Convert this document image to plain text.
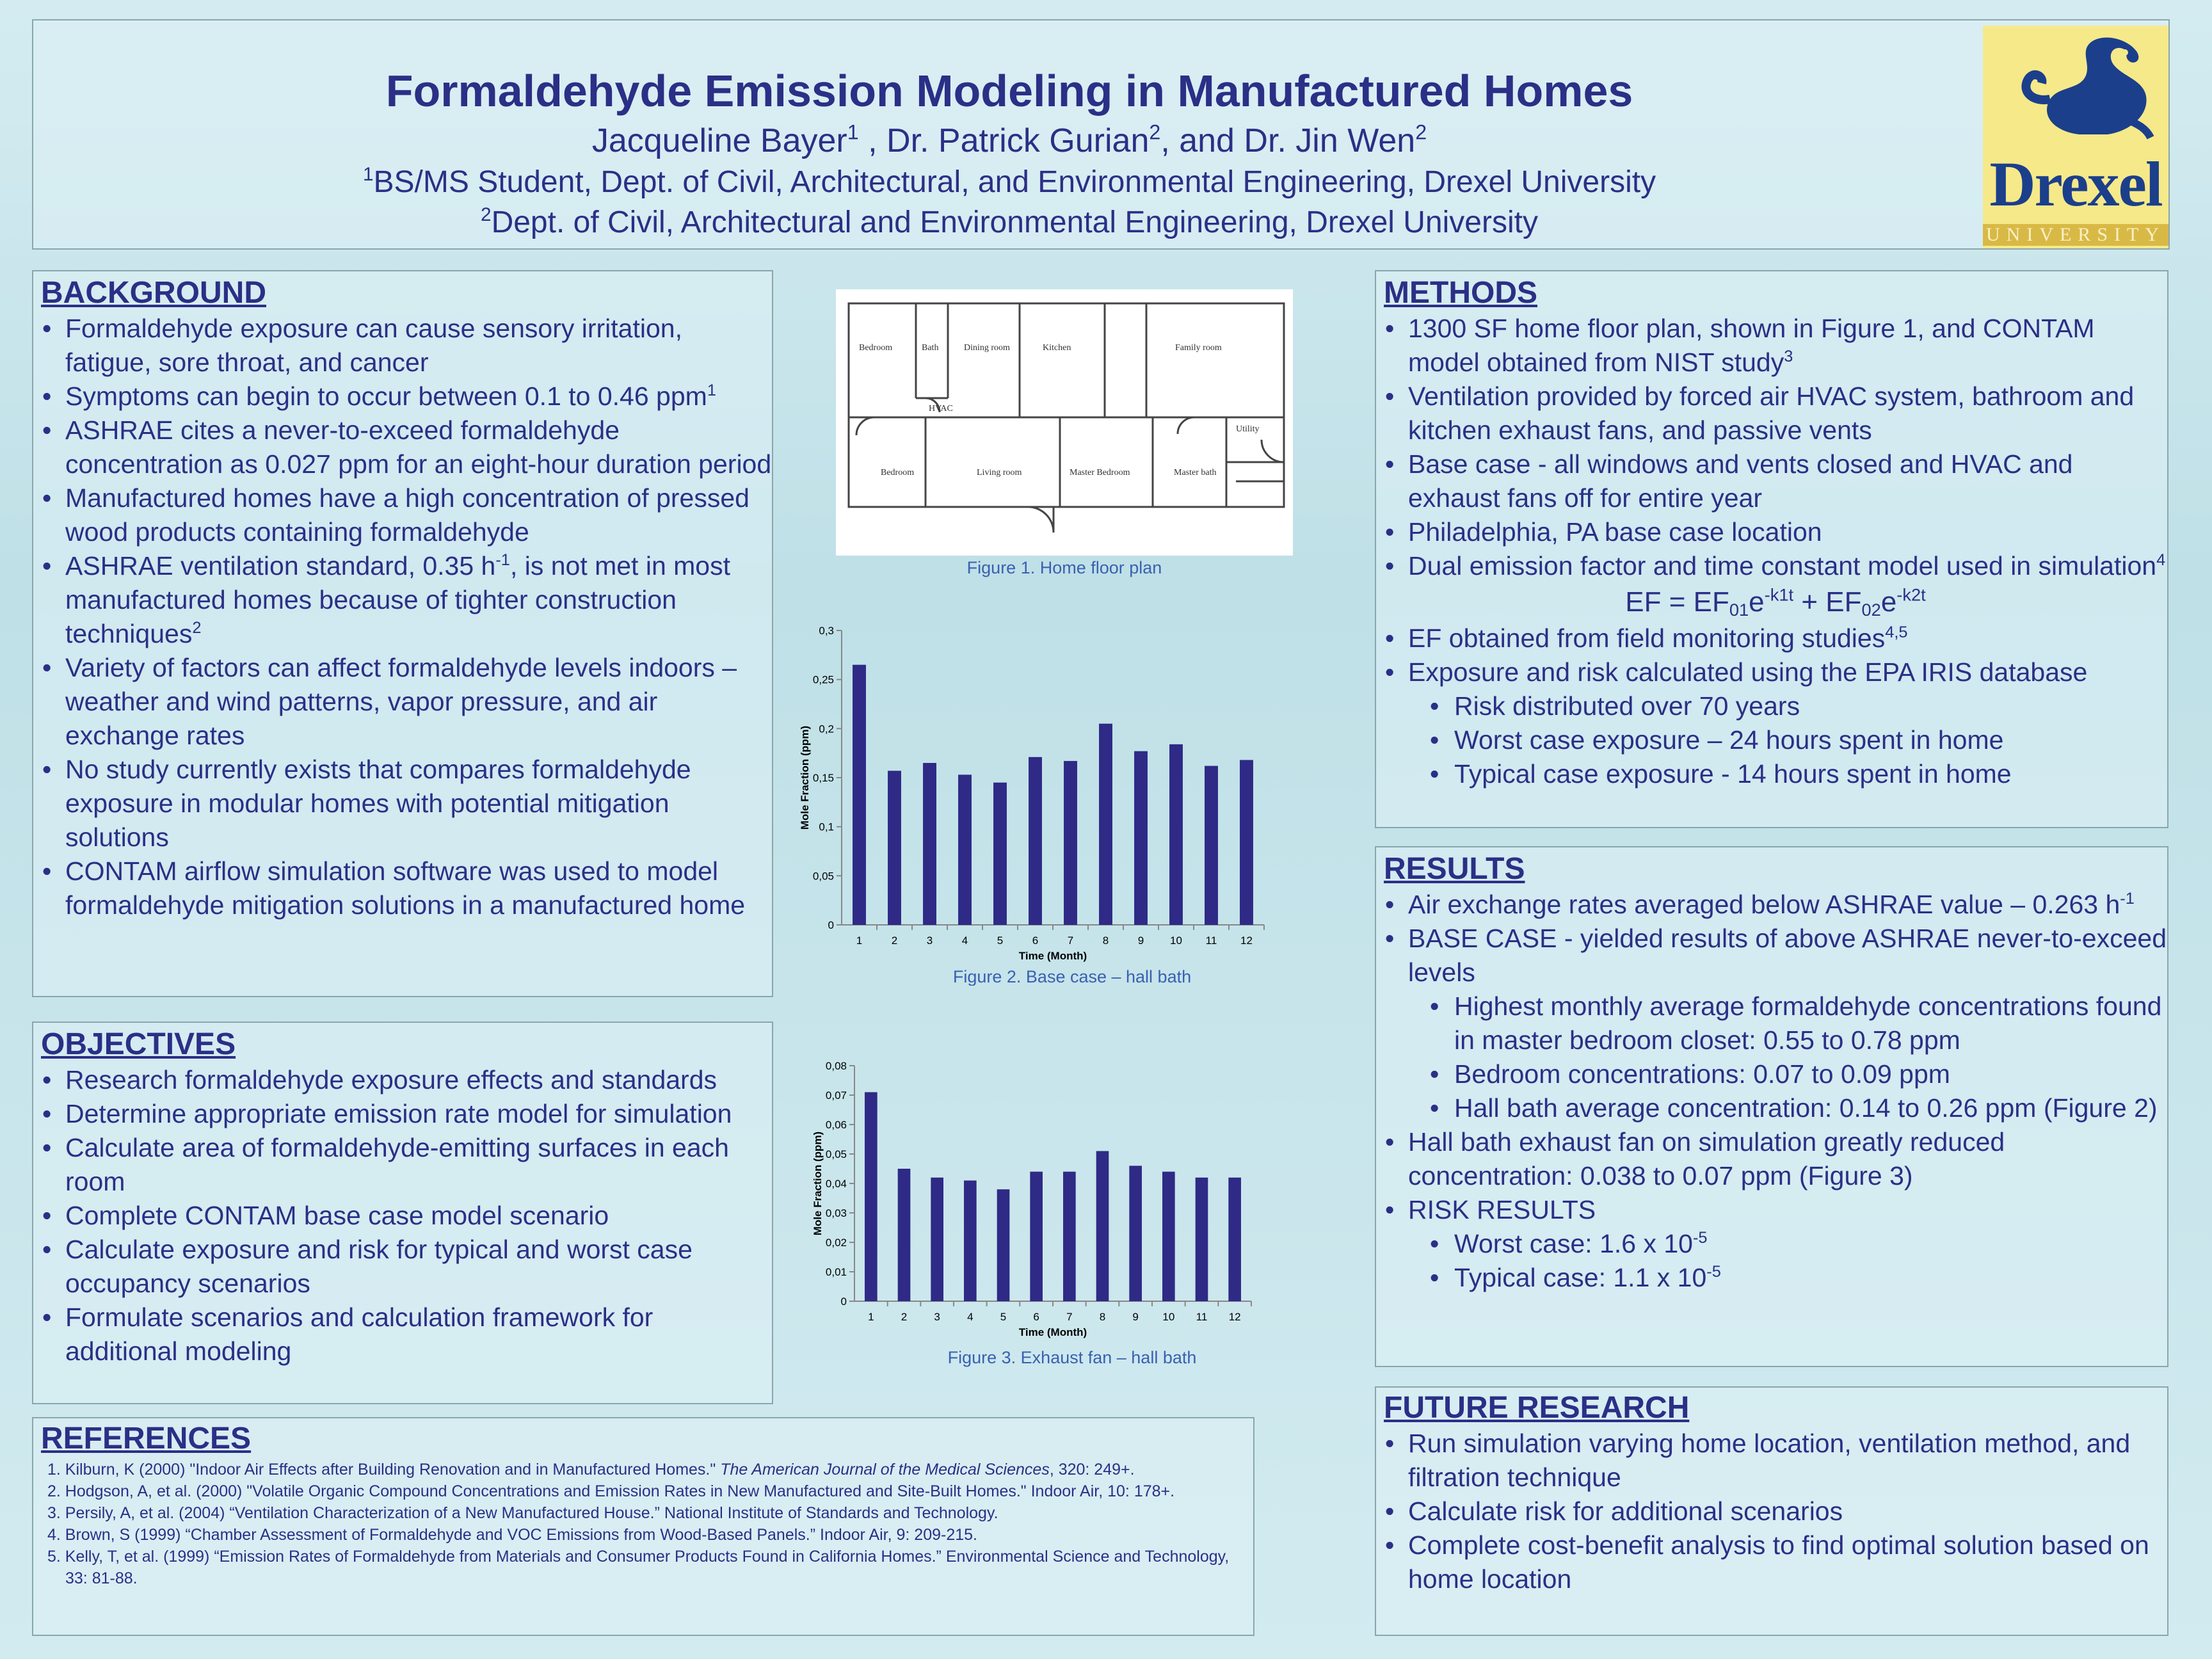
Formaldehyde Emission Modeling in Manufactured Homes
Jacqueline Bayer$^1$ , Dr. Patrick Gurian$^2$, and Dr. Jin Wen$^2$
$^1$BS/MS Student, Dept. of Civil, Architectural, and Environmental Engineering, Drexel University
$^2$Dept. of Civil, Architectural and Environmental Engineering, Drexel University
Drexel
UNIVERSITY
BACKGROUND
• Formaldehyde exposure can cause sensory irritation, fatigue, sore throat, and cancer
• Symptoms can begin to occur between 0.1 to 0.46 ppm$^1$
• ASHRAE cites a never-to-exceed formaldehyde concentration as 0.027 ppm for an eight-hour duration period
• Manufactured homes have a high concentration of pressed wood products containing formaldehyde
• ASHRAE ventilation standard, 0.35 $h^{-1}$, is not met in most manufactured homes because of tighter construction techniques$^2$
• Variety of factors can affect formaldehyde levels indoors – weather and wind patterns, vapor pressure, and air exchange rates
• No study currently exists that compares formaldehyde exposure in modular homes with potential mitigation solutions
• CONTAM airflow simulation software was used to model formaldehyde mitigation solutions in a manufactured home
OBJECTIVES
• Research formaldehyde exposure effects and standards
• Determine appropriate emission rate model for simulation
• Calculate area of formaldehyde-emitting surfaces in each room
• Complete CONTAM base case model scenario
• Calculate exposure and risk for typical and worst case occupancy scenarios
• Formulate scenarios and calculation framework for additional modeling
REFERENCES
1. Kilburn, K (2000) "Indoor Air Effects after Building Renovation and in Manufactured Homes." The American Journal of the Medical Sciences, 320: 249+.
2. Hodgson, A, et al. (2000) "Volatile Organic Compound Concentrations and Emission Rates in New Manufactured and Site-Built Homes." Indoor Air, 10: 178+.
3. Persily, A, et al. (2004) “Ventilation Characterization of a New Manufactured House.” National Institute of Standards and Technology.
4. Brown, S (1999) “Chamber Assessment of Formaldehyde and VOC Emissions from Wood-Based Panels.” Indoor Air, 9: 209-215.
5. Kelly, T, et al. (1999) “Emission Rates of Formaldehyde from Materials and Consumer Products Found in California Homes.” Environmental Science and Technology, 33: 81-88.
Bedroom	Bath	Dining room	Kitchen	Family room
HVAC
Utility
Bedroom	Living room	Master Bedroom	Master bath
Figure 1. Home floor plan
0
0,05
0,1
0,15
0,2
0,25
0,3
1	2	3	4	5	6	7	8	9 10 11 12
Time (Month)
Mole Fraction (ppm)
Figure 2. Base case – hall bath
0
0,01
0,02
0,03
0,04
0,05
0,06
0,07
0,08
1 2 3 4 5 6 7 8 9 10 11 12
Time (Month)
Mole Fraction (ppm)
Figure 3. Exhaust fan – hall bath
METHODS
• 1300 SF home floor plan, shown in Figure 1, and CONTAM model obtained from NIST study$^3$
• Ventilation provided by forced air HVAC system, bathroom and kitchen exhaust fans, and passive vents
• Base case - all windows and vents closed and HVAC and exhaust fans off for entire year
• Philadelphia, PA base case location
• Dual emission factor and time constant model used in simulation$^4$
EF = $EF_{01}e^{-k1t} + EF_{02}e^{-k2t}$
• EF obtained from field monitoring studies$^{4,5}$
• Exposure and risk calculated using the EPA IRIS database
• Risk distributed over 70 years
• Worst case exposure – 24 hours spent in home
• Typical case exposure - 14 hours spent in home
RESULTS
• Air exchange rates averaged below ASHRAE value – 0.263 $h^{-1}$
• BASE CASE - yielded results of above ASHRAE never-to-exceed levels
• Highest monthly average formaldehyde concentrations found in master bedroom closet: 0.55 to 0.78 ppm
• Bedroom concentrations: 0.07 to 0.09 ppm
• Hall bath average concentration: 0.14 to 0.26 ppm (Figure 2)
• Hall bath exhaust fan on simulation greatly reduced concentration: 0.038 to 0.07 ppm (Figure 3)
• RISK RESULTS
• Worst case: 1.6 x $10^{-5}$
• Typical case: 1.1 x $10^{-5}$
FUTURE RESEARCH
• Run simulation varying home location, ventilation method, and filtration technique
• Calculate risk for additional scenarios
• Complete cost-benefit analysis to find optimal solution based on home location
